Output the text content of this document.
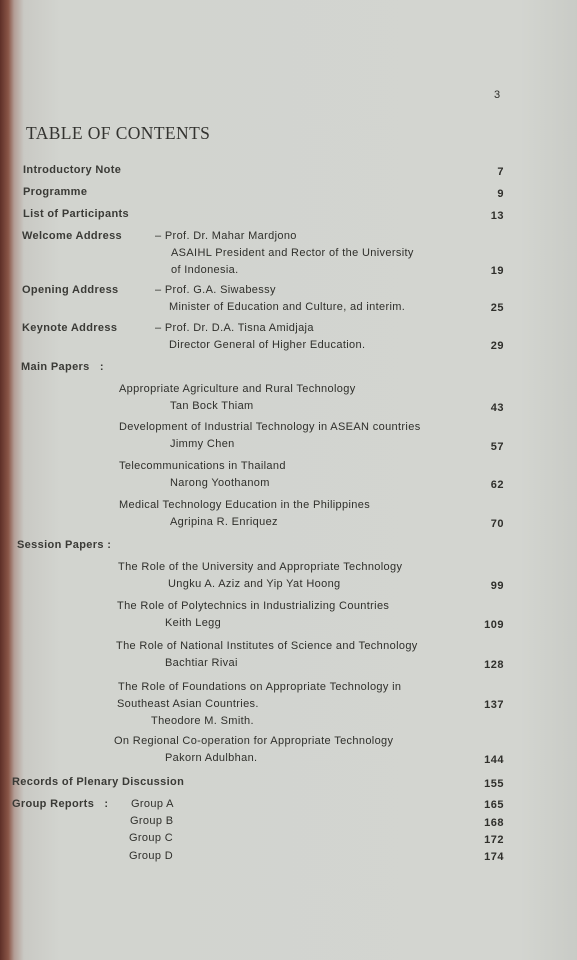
3
TABLE OF CONTENTS
Introductory Note	7
Programme	9
List of Participants	13
Welcome Address	– Prof. Dr. Mahar Mardjono
ASAIHL President and Rector of the University
of Indonesia.	19
Opening Address	– Prof. G.A. Siwabessy
Minister of Education and Culture, ad interim.	25
Keynote Address	– Prof. Dr. D.A. Tisna Amidjaja
Director General of Higher Education.	29
Main Papers   :
Appropriate Agriculture and Rural Technology
Tan Bock Thiam	43
Development of Industrial Technology in ASEAN countries
Jimmy Chen	57
Telecommunications in Thailand
Narong Yoothanom	62
Medical Technology Education in the Philippines
Agripina R. Enriquez	70
Session Papers :
The Role of the University and Appropriate Technology
Ungku A. Aziz and Yip Yat Hoong	99
The Role of Polytechnics in Industrializing Countries
Keith Legg	109
The Role of National Institutes of Science and Technology
Bachtiar Rivai	128
The Role of Foundations on Appropriate Technology in
Southeast Asian Countries.
Theodore M. Smith.
137
On Regional Co-operation for Appropriate Technology
Pakorn Adulbhan.	144
Records of Plenary Discussion	155
Group Reports   : Group A	165
Group B	168
Group C	172
Group D	174
